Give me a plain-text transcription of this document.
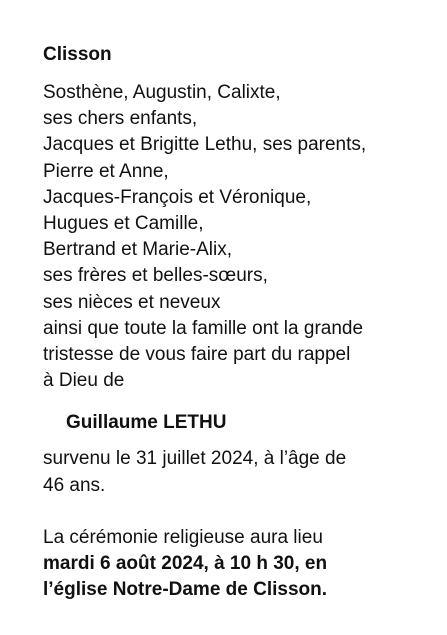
Clisson
Sosthène, Augustin, Calixte,
ses chers enfants,
Jacques et Brigitte Lethu, ses parents,
Pierre et Anne,
Jacques-François et Véronique,
Hugues et Camille,
Bertrand et Marie-Alix,
ses frères et belles-sœurs,
ses nièces et neveux
ainsi que toute la famille ont la grande
tristesse de vous faire part du rappel
à Dieu de
Guillaume LETHU
survenu le 31 juillet 2024, à l’âge de
46 ans.
La cérémonie religieuse aura lieu
mardi 6 août 2024, à 10 h 30, en
l’église Notre-Dame de Clisson.
